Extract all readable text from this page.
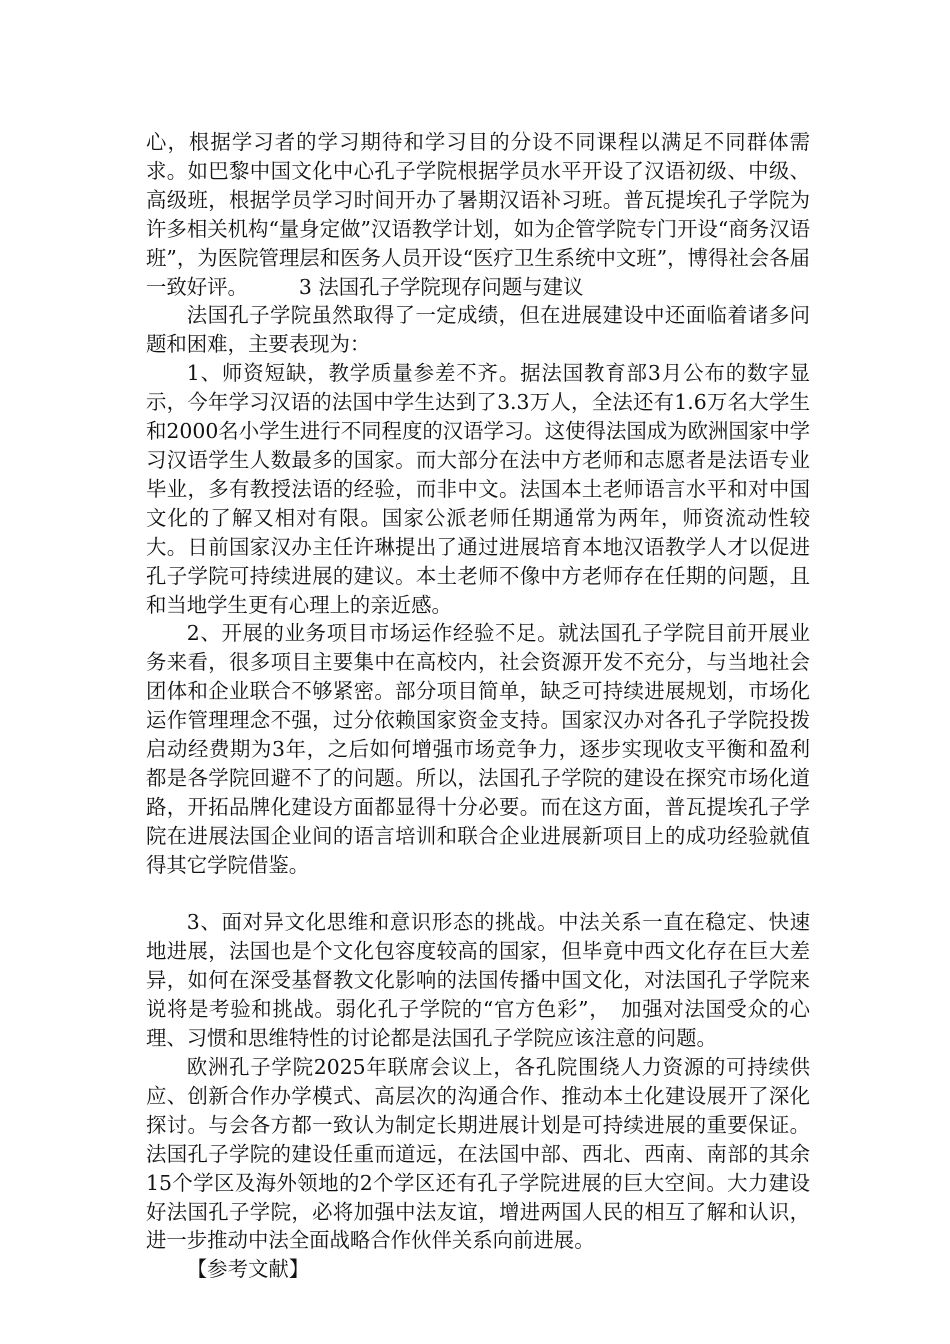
心，根据学习者的学习期待和学习目的分设不同课程以满足不同群体需求。如巴黎中国文化中心孔子学院根据学员水平开设了汉语初级、中级、高级班，根据学员学习时间开办了暑期汉语补习班。普瓦提埃孔子学院为许多相关机构“量身定做”汉语教学计划，如为企管学院专门开设“商务汉语班”，为医院管理层和医务人员开设“医疗卫生系统中文班”，博得社会各届一致好评。　　　3 法国孔子学院现存问题与建议

法国孔子学院虽然取得了一定成绩，但在进展建设中还面临着诸多问题和困难，主要表现为：

1、师资短缺，教学质量参差不齐。据法国教育部3月公布的数字显示，今年学习汉语的法国中学生达到了3.3万人，全法还有1.6万名大学生和2000名小学生进行不同程度的汉语学习。这使得法国成为欧洲国家中学习汉语学生人数最多的国家。而大部分在法中方老师和志愿者是法语专业毕业，多有教授法语的经验，而非中文。法国本土老师语言水平和对中国文化的了解又相对有限。国家公派老师任期通常为两年，师资流动性较大。日前国家汉办主任许琳提出了通过进展培育本地汉语教学人才以促进孔子学院可持续进展的建议。本土老师不像中方老师存在任期的问题，且和当地学生更有心理上的亲近感。

2、开展的业务项目市场运作经验不足。就法国孔子学院目前开展业务来看，很多项目主要集中在高校内，社会资源开发不充分，与当地社会团体和企业联合不够紧密。部分项目简单，缺乏可持续进展规划，市场化运作管理理念不强，过分依赖国家资金支持。国家汉办对各孔子学院投拨启动经费期为3年，之后如何增强市场竞争力，逐步实现收支平衡和盈利都是各学院回避不了的问题。所以，法国孔子学院的建设在探究市场化道路，开拓品牌化建设方面都显得十分必要。而在这方面，普瓦提埃孔子学院在进展法国企业间的语言培训和联合企业进展新项目上的成功经验就值得其它学院借鉴。

3、面对异文化思维和意识形态的挑战。中法关系一直在稳定、快速地进展，法国也是个文化包容度较高的国家，但毕竟中西文化存在巨大差异，如何在深受基督教文化影响的法国传播中国文化，对法国孔子学院来说将是考验和挑战。弱化孔子学院的“官方色彩”，　加强对法国受众的心理、习惯和思维特性的讨论都是法国孔子学院应该注意的问题。

欧洲孔子学院2025年联席会议上，各孔院围绕人力资源的可持续供应、创新合作办学模式、高层次的沟通合作、推动本土化建设展开了深化探讨。与会各方都一致认为制定长期进展计划是可持续进展的重要保证。法国孔子学院的建设任重而道远，在法国中部、西北、西南、南部的其余15个学区及海外领地的2个学区还有孔子学院进展的巨大空间。大力建设好法国孔子学院，必将加强中法友谊，增进两国人民的相互了解和认识，进一步推动中法全面战略合作伙伴关系向前进展。

【参考文献】
